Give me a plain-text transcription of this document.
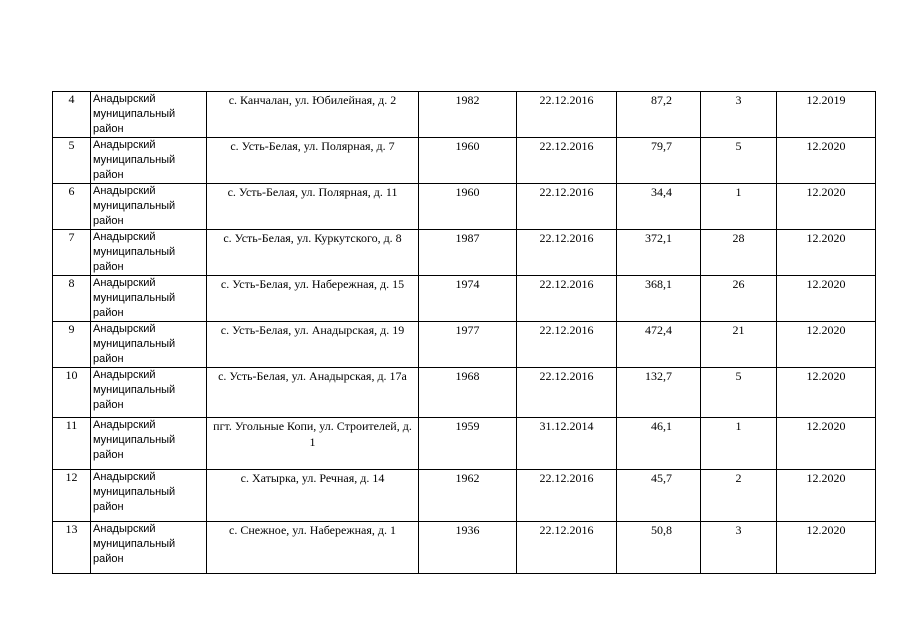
4	Анадырский муниципальный район	с. Канчалан, ул. Юбилейная, д. 2	1982	22.12.2016	87,2	3	12.2019
5	Анадырский муниципальный район	с. Усть-Белая, ул. Полярная, д. 7	1960	22.12.2016	79,7	5	12.2020
6	Анадырский муниципальный район	с. Усть-Белая, ул. Полярная, д. 11	1960	22.12.2016	34,4	1	12.2020
7	Анадырский муниципальный район	с. Усть-Белая, ул. Куркутского, д. 8	1987	22.12.2016	372,1	28	12.2020
8	Анадырский муниципальный район	с. Усть-Белая, ул. Набережная, д. 15	1974	22.12.2016	368,1	26	12.2020
9	Анадырский муниципальный район	с. Усть-Белая, ул. Анадырская, д. 19	1977	22.12.2016	472,4	21	12.2020
10	Анадырский муниципальный район	с. Усть-Белая, ул. Анадырская, д. 17а	1968	22.12.2016	132,7	5	12.2020
11	Анадырский муниципальный район	пгт. Угольные Копи, ул. Строителей, д. 1	1959	31.12.2014	46,1	1	12.2020
12	Анадырский муниципальный район	с. Хатырка, ул. Речная, д. 14	1962	22.12.2016	45,7	2	12.2020
13	Анадырский муниципальный район	с. Снежное, ул. Набережная, д. 1	1936	22.12.2016	50,8	3	12.2020
